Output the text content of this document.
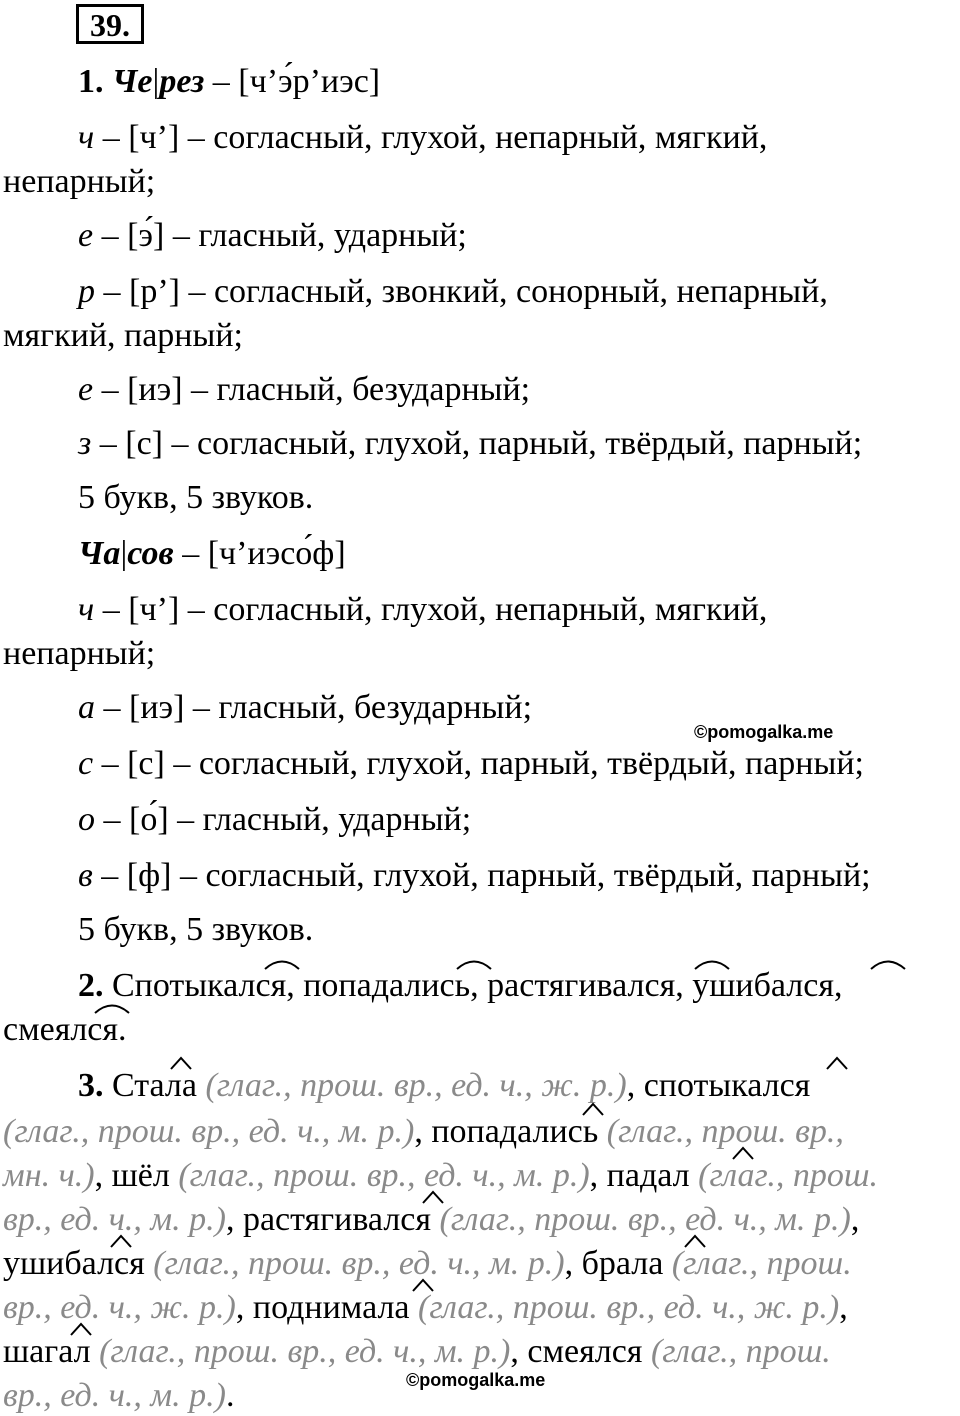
39.
1. Че|рез – [ч’э́р’иэс]
ч – [ч’] – согласный, глухой, непарный, мягкий,
непарный;
е – [э́] – гласный, ударный;
р – [р’] – согласный, звонкий, сонорный, непарный,
мягкий, парный;
е – [иэ] – гласный, безударный;
з – [с] – согласный, глухой, парный, твёрдый, парный;
5 букв, 5 звуков.
Ча|сов – [ч’иэсо́ф]
ч – [ч’] – согласный, глухой, непарный, мягкий,
непарный;
а – [иэ] – гласный, безударный;
©pomogalka.me
с – [с] – согласный, глухой, парный, твёрдый, парный;
о – [о́] – гласный, ударный;
в – [ф] – согласный, глухой, парный, твёрдый, парный;
5 букв, 5 звуков.
2. Спотыкался, попадались, растягивался, ушибался,
смеялся.
3. Стала (глаг., прош. вр., ед. ч., ж. р.), спотыкался
(глаг., прош. вр., ед. ч., м. р.), попадались (глаг., прош. вр.,
мн. ч.), шёл (глаг., прош. вр., ед. ч., м. р.), падал (глаг., прош.
вр., ед. ч., м. р.), растягивался (глаг., прош. вр., ед. ч., м. р.),
ушибался (глаг., прош. вр., ед. ч., м. р.), брала (глаг., прош.
вр., ед. ч., ж. р.), поднимала (глаг., прош. вр., ед. ч., ж. р.),
шагал (глаг., прош. вр., ед. ч., м. р.), смеялся (глаг., прош.
вр., ед. ч., м. р.).	©pomogalka.me
